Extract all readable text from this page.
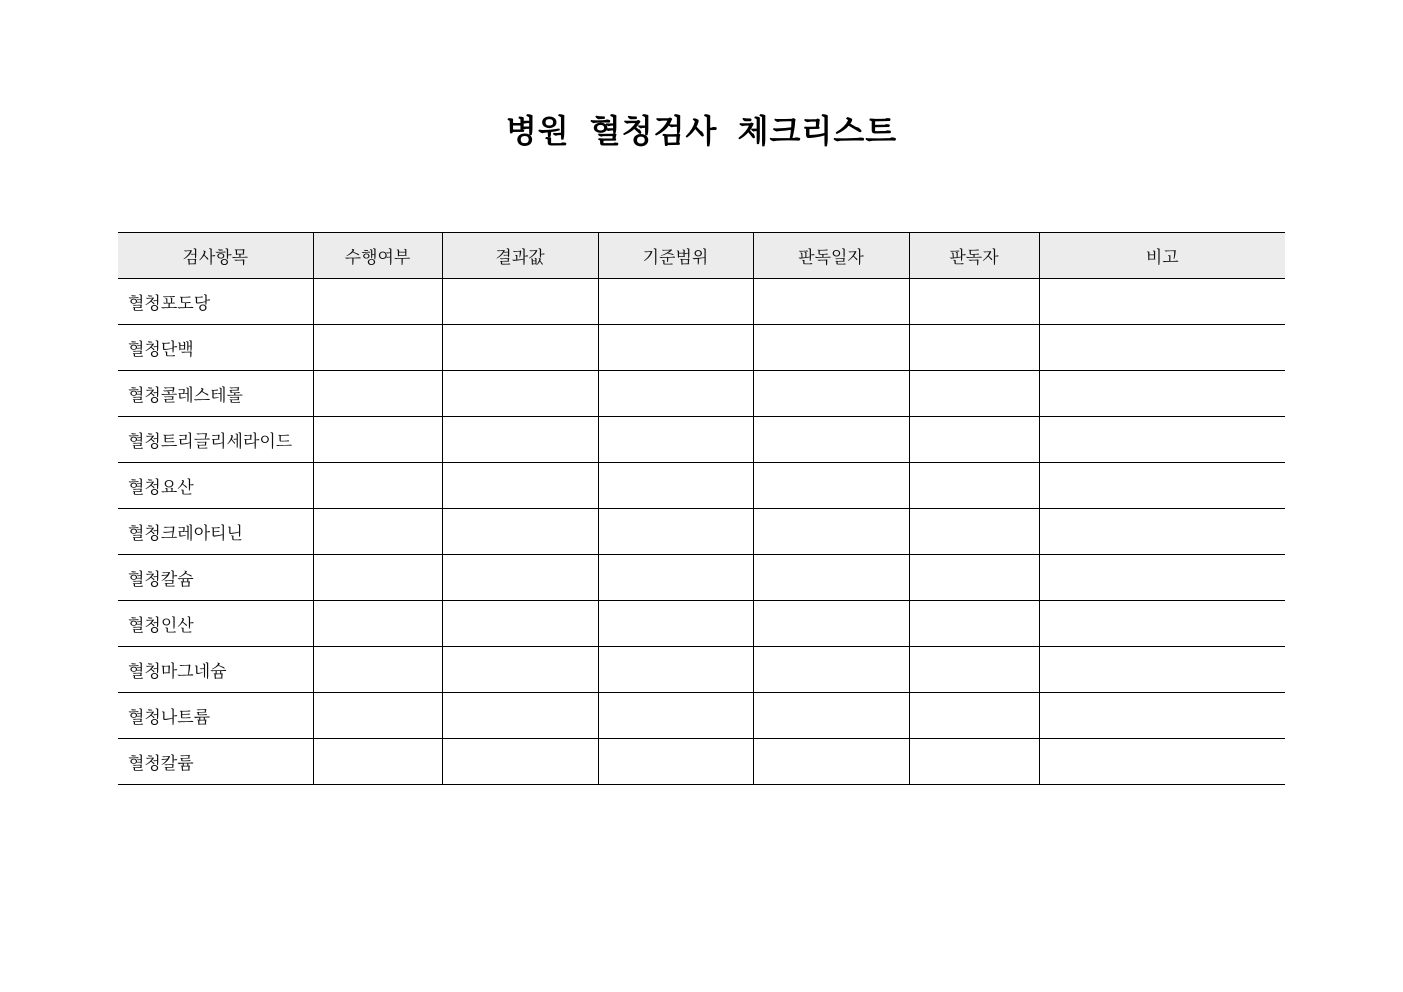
병원 혈청검사 체크리스트
검사항목	수행여부	결과값	기준범위	판독일자	판독자	비고
혈청포도당						
혈청단백						
혈청콜레스테롤						
혈청트리글리세라이드						
혈청요산						
혈청크레아티닌						
혈청칼슘						
혈청인산						
혈청마그네슘						
혈청나트륨						
혈청칼륨						
